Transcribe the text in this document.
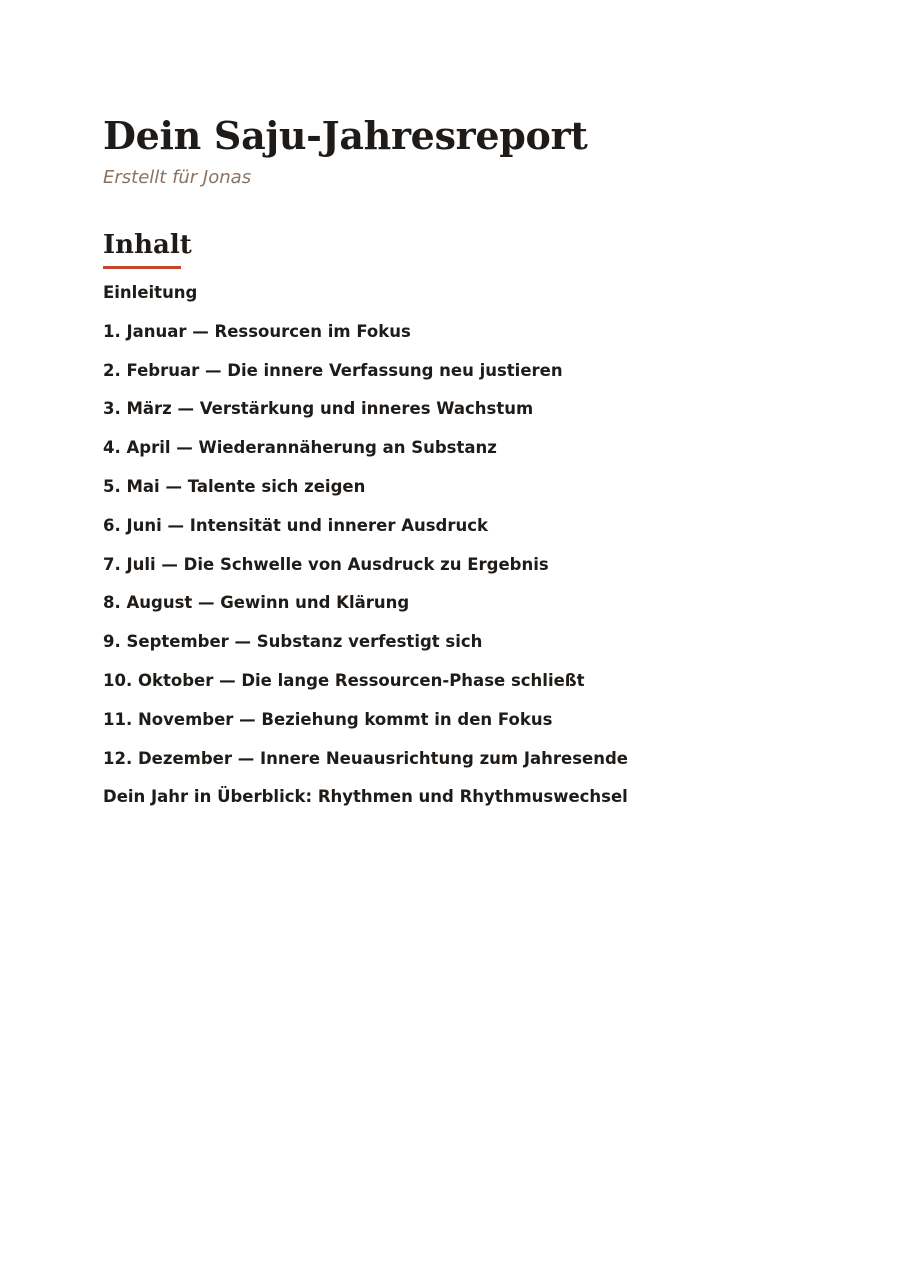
Dein Saju-Jahresreport

Erstellt für Jonas

Inhalt
Einleitung
1. Januar — Ressourcen im Fokus
2. Februar — Die innere Verfassung neu justieren
3. März — Verstärkung und inneres Wachstum
4. April — Wiederannäherung an Substanz
5. Mai — Talente sich zeigen
6. Juni — Intensität und innerer Ausdruck
7. Juli — Die Schwelle von Ausdruck zu Ergebnis
8. August — Gewinn und Klärung
9. September — Substanz verfestigt sich
10. Oktober — Die lange Ressourcen-Phase schließt
11. November — Beziehung kommt in den Fokus
12. Dezember — Innere Neuausrichtung zum Jahresende
Dein Jahr in Überblick: Rhythmen und Rhythmuswechsel
